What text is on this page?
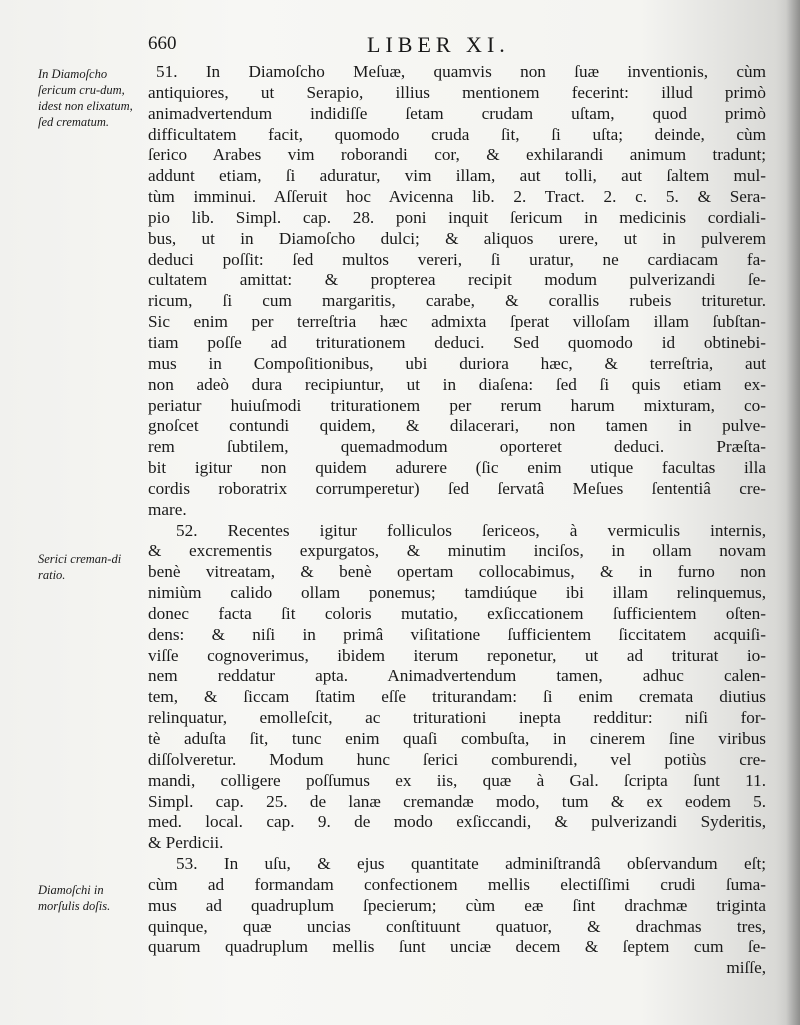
660	LIBER XI.
In Diamoſcho ſericum cru-dum, idest non elixatum, ſed crematum.
Serici creman-di ratio.
Diamoſchi in morſulis doſis.
51. In Diamoſcho Meſuæ, quamvis non ſuæ inventionis, cùm
antiquiores, ut Serapio, illius mentionem fecerint: illud primò
animadvertendum indidiſſe ſetam crudam uſtam, quod primò
difficultatem facit, quomodo cruda ſit, ſi uſta; deinde, cùm
ſerico Arabes vim roborandi cor, & exhilarandi animum tradunt;
addunt etiam, ſi aduratur, vim illam, aut tolli, aut ſaltem mul-
tùm imminui. Aſſeruit hoc Avicenna lib. 2. Tract. 2. c. 5. & Sera-
pio lib. Simpl. cap. 28. poni inquit ſericum in medicinis cordiali-
bus, ut in Diamoſcho dulci; & aliquos urere, ut in pulverem
deduci poſſit: ſed multos vereri, ſi uratur, ne cardiacam fa-
cultatem amittat: & propterea recipit modum pulverizandi ſe-
ricum, ſi cum margaritis, carabe, & corallis rubeis trituretur.
Sic enim per terreſtria hæc admixta ſperat villoſam illam ſubſtan-
tiam poſſe ad triturationem deduci. Sed quomodo id obtinebi-
mus in Compoſitionibus, ubi duriora hæc, & terreſtria, aut
non adeò dura recipiuntur, ut in diaſena: ſed ſi quis etiam ex-
periatur huiuſmodi triturationem per rerum harum mixturam, co-
gnoſcet contundi quidem, & dilacerari, non tamen in pulve-
rem ſubtilem, quemadmodum oporteret deduci. Præſta-
bit igitur non quidem adurere (ſic enim utique facultas illa
cordis roboratrix corrumperetur) ſed ſervatâ Meſues ſententiâ cre-
mare.
52. Recentes igitur folliculos ſericeos, à vermiculis internis,
& excrementis expurgatos, & minutim inciſos, in ollam novam
benè vitreatam, & benè opertam collocabimus, & in furno non
nimiùm calido ollam ponemus; tamdiúque ibi illam relinquemus,
donec facta ſit coloris mutatio, exſiccationem ſufficientem oſten-
dens: & niſi in primâ viſitatione ſufficientem ſiccitatem acquiſi-
viſſe cognoverimus, ibidem iterum reponetur, ut ad triturat io-
nem reddatur apta. Animadvertendum tamen, adhuc calen-
tem, & ſiccam ſtatim eſſe triturandam: ſi enim cremata diutius
relinquatur, emolleſcit, ac triturationi inepta redditur: niſi for-
tè aduſta ſit, tunc enim quaſi combuſta, in cinerem ſine viribus
diſſolveretur. Modum hunc ſerici comburendi, vel potiùs cre-
mandi, colligere poſſumus ex iis, quæ à Gal. ſcripta ſunt 11.
Simpl. cap. 25. de lanæ cremandæ modo, tum & ex eodem 5.
med. local. cap. 9. de modo exſiccandi, & pulverizandi Syderitis,
& Perdicii.
53. In uſu, & ejus quantitate adminiſtrandâ obſervandum eſt;
cùm ad formandam confectionem mellis electiſſimi crudi ſuma-
mus ad quadruplum ſpecierum; cùm eæ ſint drachmæ triginta
quinque, quæ uncias conſtituunt quatuor, & drachmas tres,
quarum quadruplum mellis ſunt unciæ decem & ſeptem cum ſe-
miſſe,
